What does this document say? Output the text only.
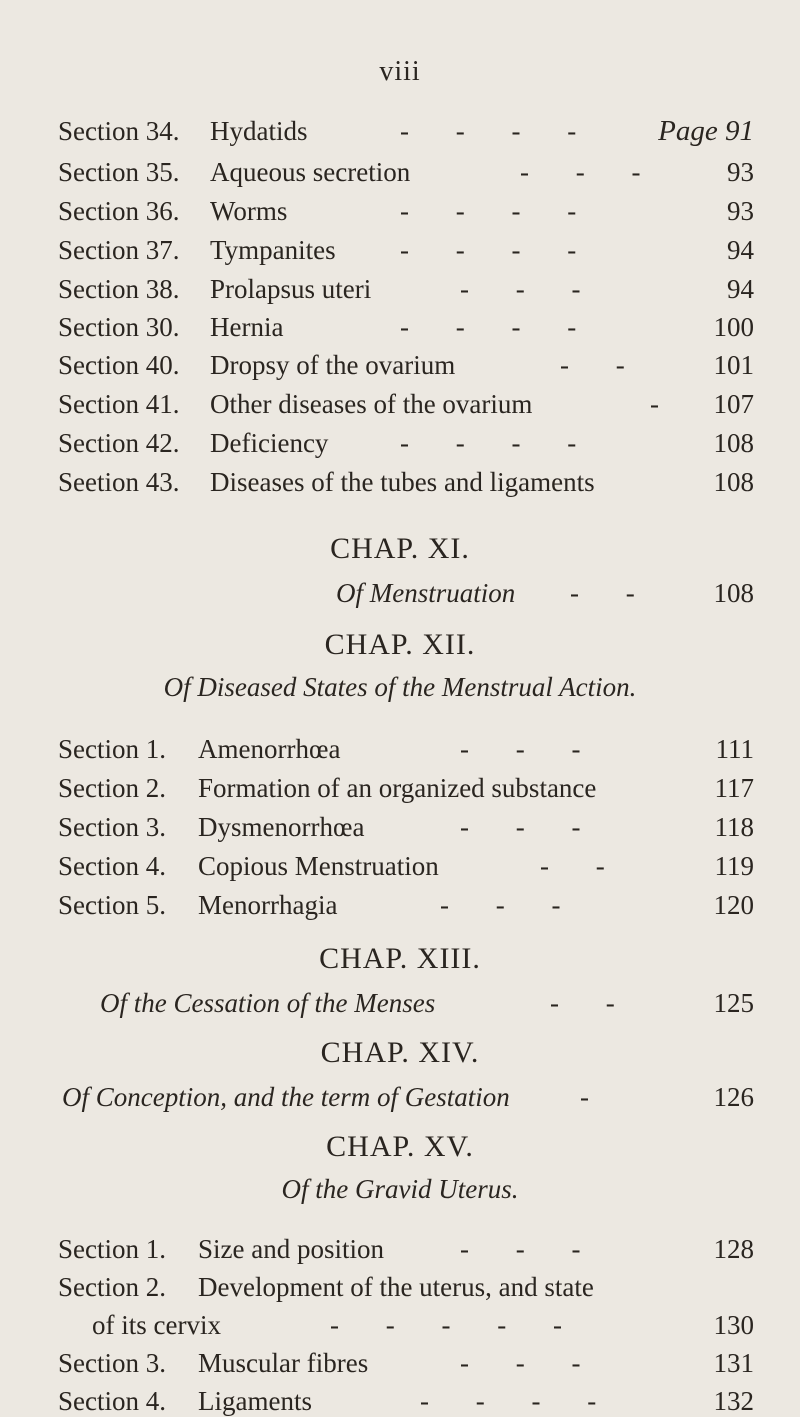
viii
Section 34. Hydatids	- - - -	Page 91
Section 35. Aqueous secretion	- - -	93
Section 36. Worms	- - - -	93
Section 37. Tympanites - - - -	94
Section 38. Prolapsus uteri	- - -	94
Section 30. Hernia	- - - -	100
Section 40. Dropsy of the ovarium	- -	101
Section 41. Other diseases of the ovarium	- 107
Section 42. Deficiency	- - - -	108
Seetion 43. Diseases of the tubes and ligaments	108
CHAP. XI.
Of Menstruation - -	108
CHAP. XII.
Of Diseased States of the Menstrual Action.
Section 1. Amenorrhœa	- - -	111
Section 2. Formation of an organized substance	117
Section 3. Dysmenorrhœa	- - -	118
Section 4. Copious Menstruation	- -	119
Section 5. Menorrhagia	- - -	120
CHAP. XIII.
Of the Cessation of the Menses	- -	125
CHAP. XIV.
Of Conception, and the term of Gestation	-	126
CHAP. XV.
Of the Gravid Uterus.
Section 1. Size and position	- - -	128
Section 2. Development of the uterus, and state
of its cervix	- - - - -	130
Section 3. Muscular fibres	- - -	131
Section 4. Ligaments	- - - -	132
